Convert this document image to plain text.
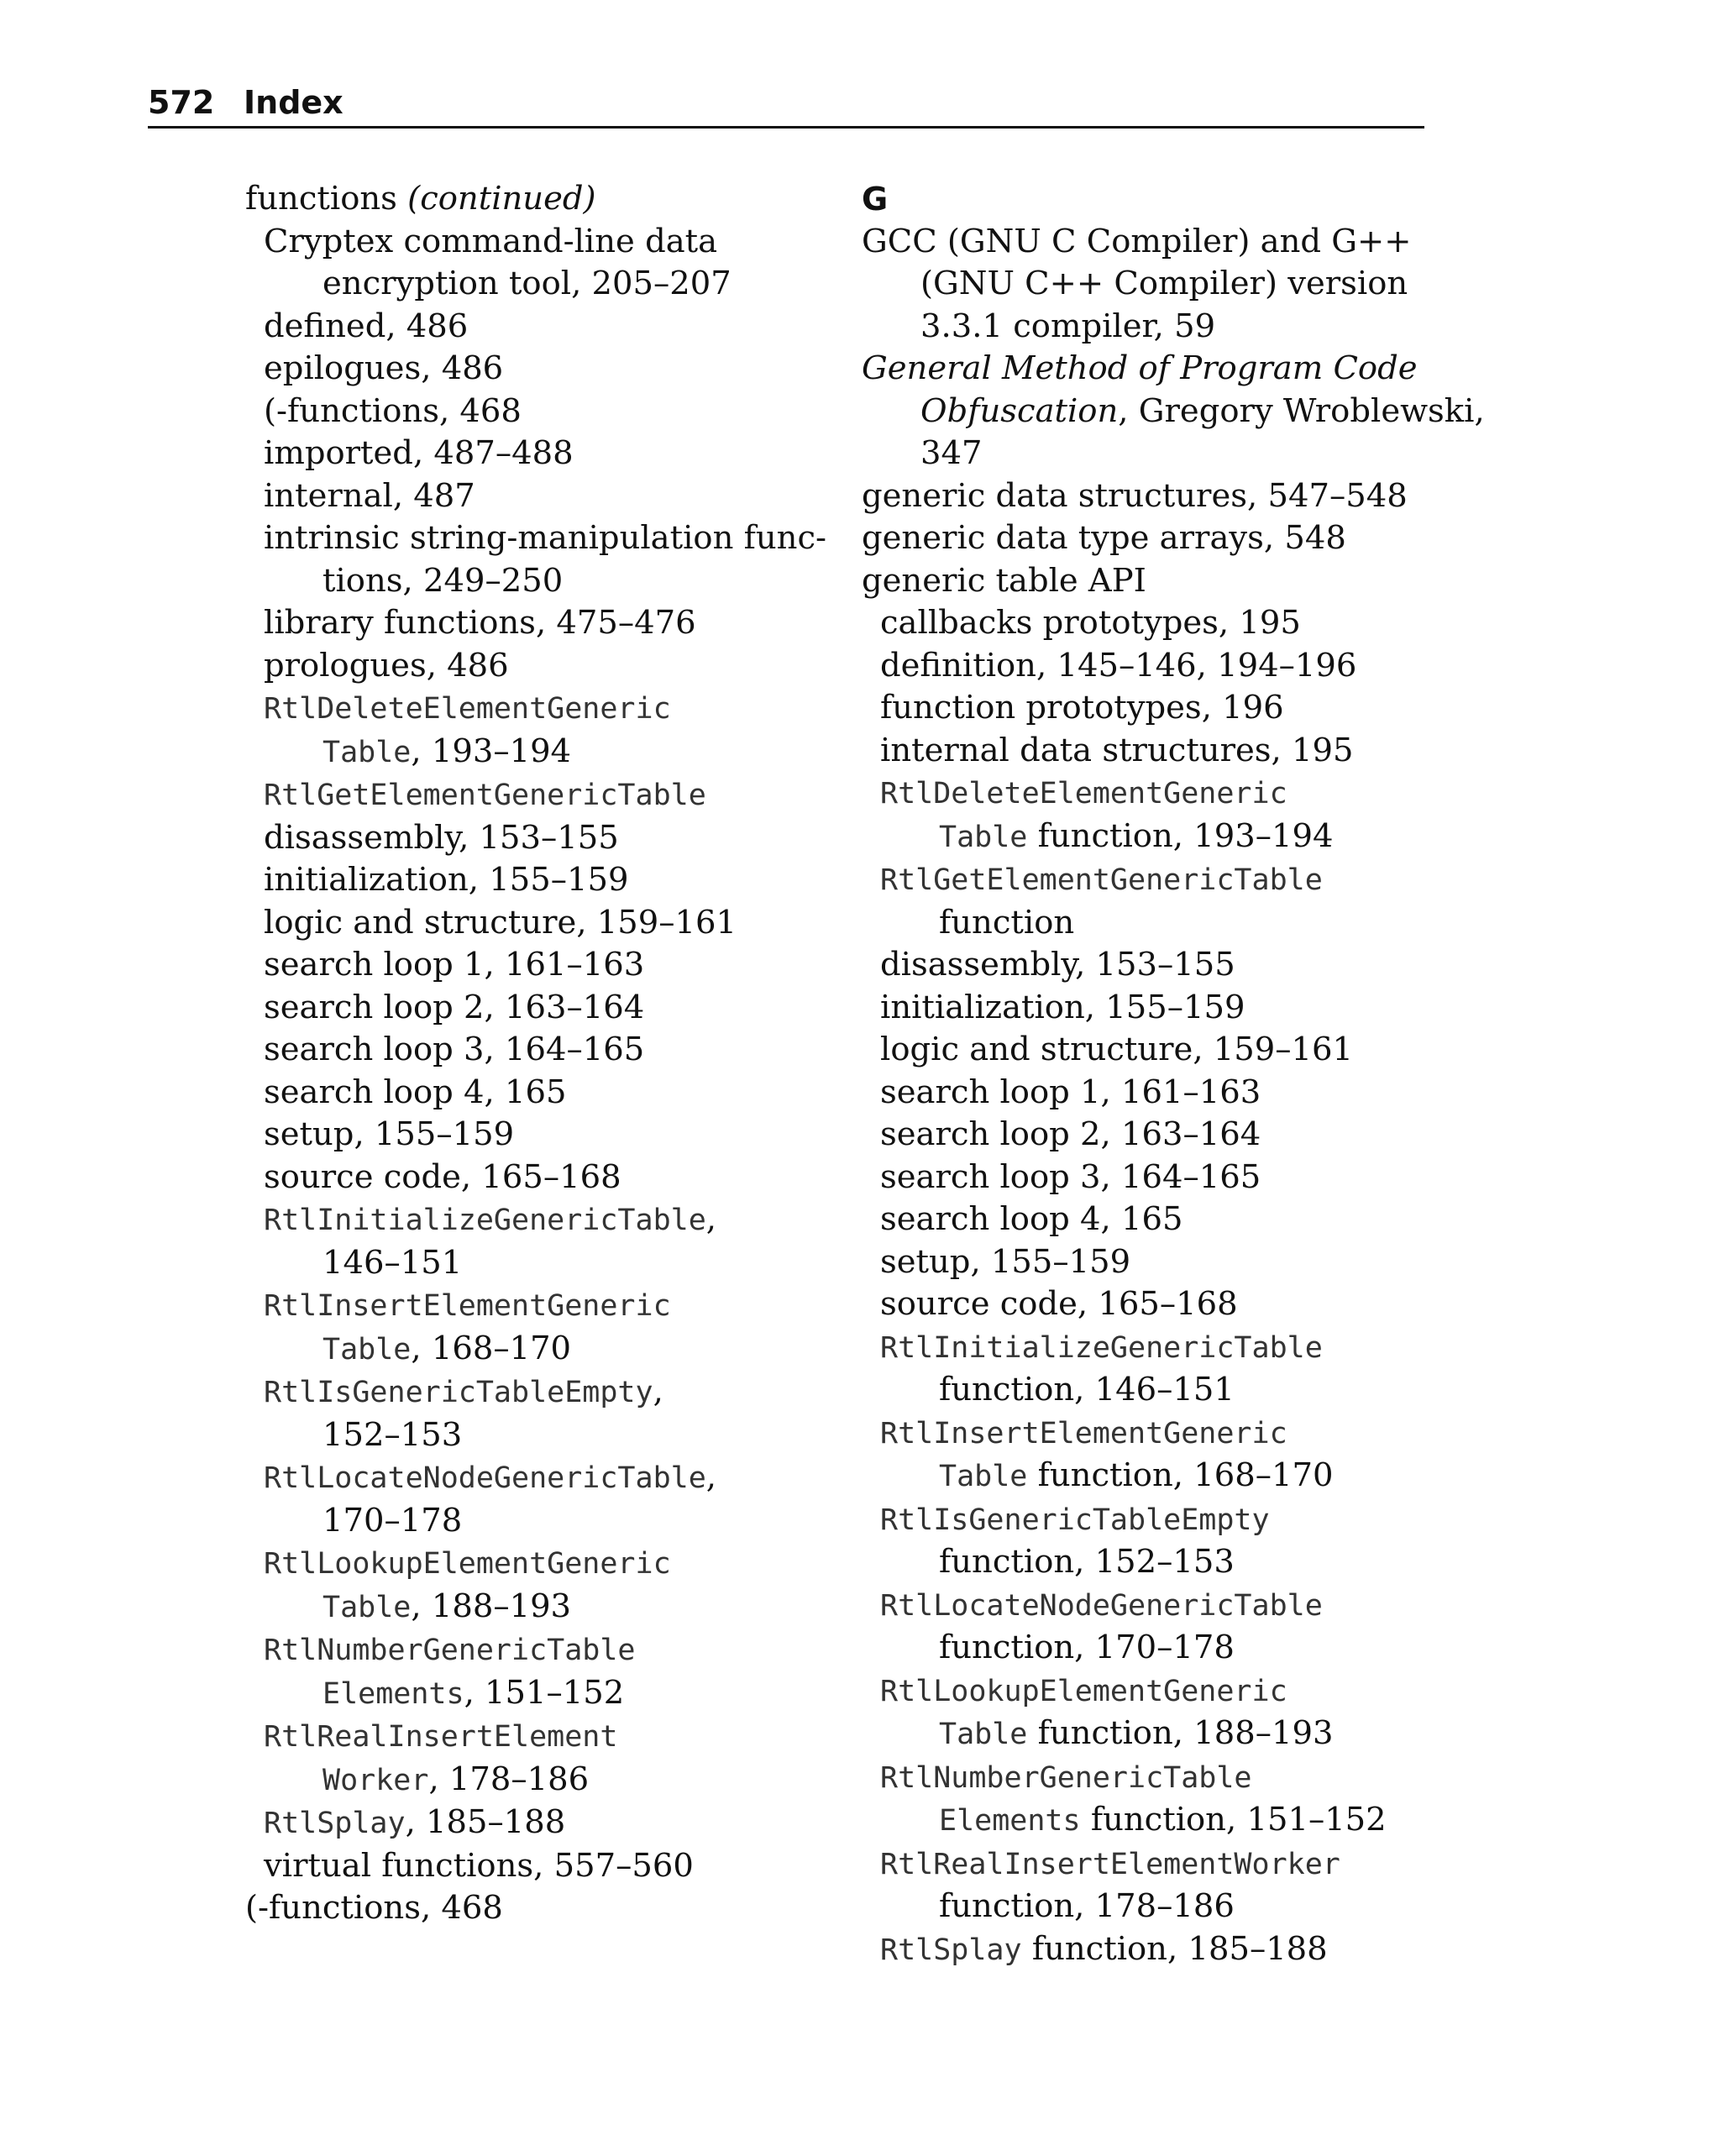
572 Index
functions (continued)
Cryptex command-line data
encryption tool, 205–207
defined, 486
epilogues, 486
(-functions, 468
imported, 487–488
internal, 487
intrinsic string-manipulation func-
tions, 249–250
library functions, 475–476
prologues, 486
RtlDeleteElementGeneric
Table, 193–194
RtlGetElementGenericTable
disassembly, 153–155
initialization, 155–159
logic and structure, 159–161
search loop 1, 161–163
search loop 2, 163–164
search loop 3, 164–165
search loop 4, 165
setup, 155–159
source code, 165–168
RtlInitializeGenericTable,
146–151
RtlInsertElementGeneric
Table, 168–170
RtlIsGenericTableEmpty,
152–153
RtlLocateNodeGenericTable,
170–178
RtlLookupElementGeneric
Table, 188–193
RtlNumberGenericTable
Elements, 151–152
RtlRealInsertElement
Worker, 178–186
RtlSplay, 185–188
virtual functions, 557–560
(-functions, 468
G
GCC (GNU C Compiler) and G++
(GNU C++ Compiler) version
3.3.1 compiler, 59
General Method of Program Code
Obfuscation, Gregory Wroblewski,
347
generic data structures, 547–548
generic data type arrays, 548
generic table API
callbacks prototypes, 195
definition, 145–146, 194–196
function prototypes, 196
internal data structures, 195
RtlDeleteElementGeneric
Table function, 193–194
RtlGetElementGenericTable
function
disassembly, 153–155
initialization, 155–159
logic and structure, 159–161
search loop 1, 161–163
search loop 2, 163–164
search loop 3, 164–165
search loop 4, 165
setup, 155–159
source code, 165–168
RtlInitializeGenericTable
function, 146–151
RtlInsertElementGeneric
Table function, 168–170
RtlIsGenericTableEmpty
function, 152–153
RtlLocateNodeGenericTable
function, 170–178
RtlLookupElementGeneric
Table function, 188–193
RtlNumberGenericTable
Elements function, 151–152
RtlRealInsertElementWorker
function, 178–186
RtlSplay function, 185–188
